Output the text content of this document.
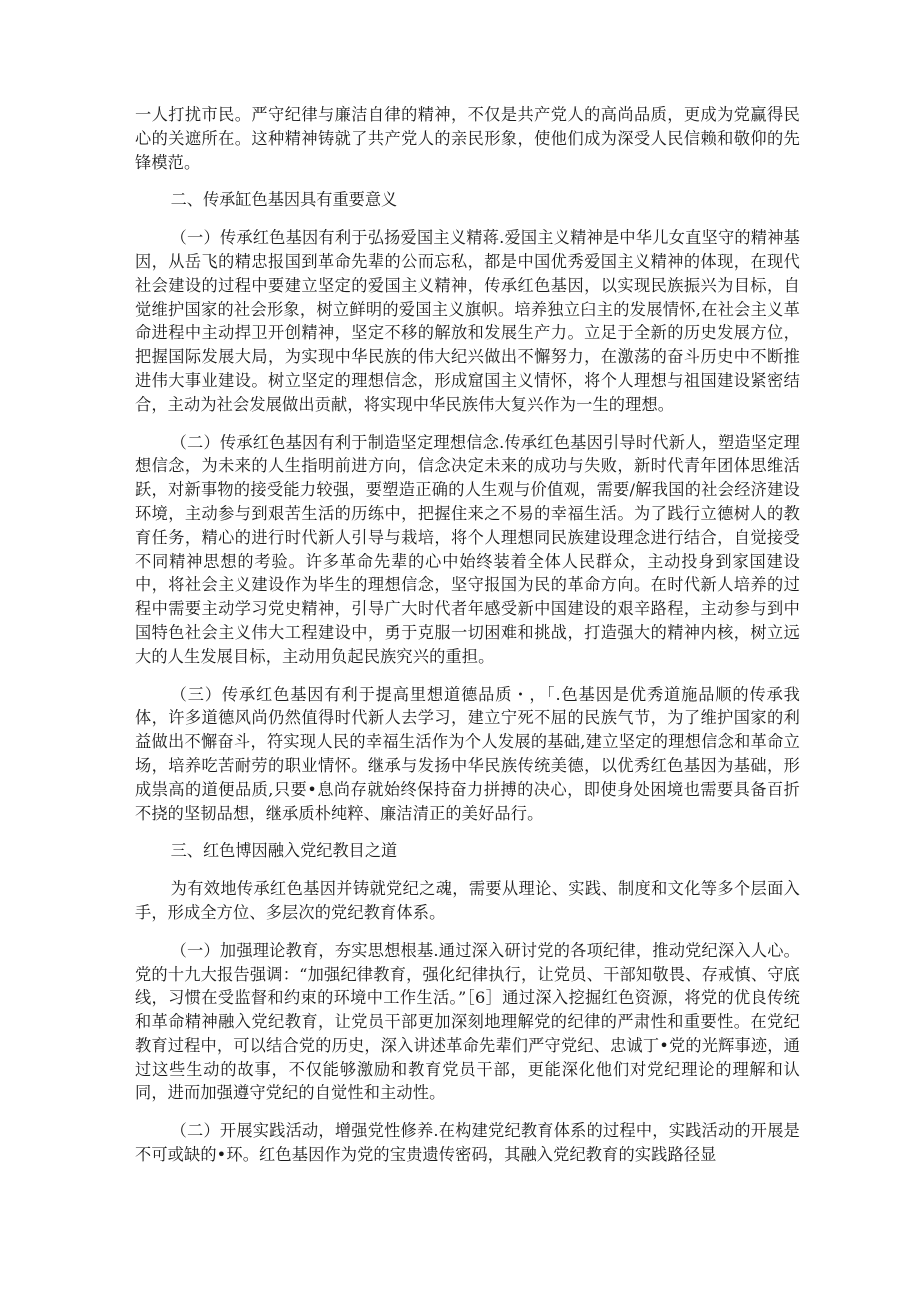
一人打扰市民。严守纪律与廉洁自律的精神，不仅是共产党人的高尚品质，更成为党赢得民心的关遮所在。这种精神铸就了共产党人的亲民形象，使他们成为深受人民信赖和敬仰的先锋模范。

二、传承缸色基因具有重要意义

（一）传承红色基因有利于弘扬爱国主义精蒋.爱国主义精神是中华儿女直坚守的精神基因，从岳飞的精忠报国到革命先辈的公而忘私，都是中国优秀爱国主义精神的体现，在现代社会建设的过程中要建立坚定的爱国主义精神，传承红色基因，以实现民族振兴为目标，自觉维护国家的社会形象，树立鲜明的爱国主义旗帜。培养独立臼主的发展情怀,在社会主义革命进程中主动捍卫开创精神，坚定不移的解放和发展生产力。立足于全新的历史发展方位，把握国际发展大局，为实现中华民族的伟大纪兴做出不懈努力，在激荡的奋斗历史中不断推进伟大事业建设。树立坚定的理想信念，形成窟国主义情怀，将个人理想与祖国建设紧密结合，主动为社会发展做出贡献，将实现中华民族伟大复兴作为一生的理想。

（二）传承红色基因有利于制造坚定理想信念.传承红色基因引导时代新人，塑造坚定理想信念，为未来的人生指明前进方向，信念决定未来的成功与失败，新时代青年团体思维活跃，对新事物的接受能力较强，要塑造正确的人生观与价值观，需要/解我国的社会经济建设环境，主动参与到艰苦生活的历练中，把握住来之不易的幸福生活。为了践行立德树人的教育任务，精心的进行时代新人引导与栽培，将个人理想同民族建设理念进行结合，自觉接受不同精神思想的考验。许多革命先辈的心中始终装着全体人民群众，主动投身到家国建设中，将社会主义建设作为毕生的理想信念，坚守报国为民的革命方向。在时代新人培养的过程中需要主动学习党史精神，引导广大时代者年感受新中国建设的艰辛路程，主动参与到中国特色社会主义伟大工程建设中，勇于克服一切困难和挑战，打造强大的精神内核，树立远大的人生发展目标，主动用负起民族究兴的重担。

（三）传承红色基因有利于提高里想道德品质・，「.色基因是优秀道施品顺的传承我体，许多道德风尚仍然值得时代新人去学习，建立宁死不屈的民族气节，为了维护国家的利益做出不懈奋斗，符实现人民的幸福生活作为个人发展的基础,建立坚定的理想信念和革命立场，培养吃苦耐劳的职业情怀。继承与发扬中华民族传统美德，以优秀红色基因为基础，形成祟高的道便品质,只要•息尚存就始终保持奋力拼搏的决心，即使身处困境也需要具备百折不挠的坚韧品想，继承质朴纯粹、廉洁清正的美好品行。

三、红色博因融入党纪教目之道

为有效地传承红色基因并铸就党纪之魂，需要从理论、实践、制度和文化等多个层面入手，形成全方位、多层次的党纪教育体系。

（一）加强理论教育，夯实思想根基.通过深入研讨党的各项纪律，推动党纪深入人心。党的十九大报告强调：“加强纪律教育，强化纪律执行，让党员、干部知敬畏、存戒慎、守底线，习惯在受监督和约束的环境中工作生活。”［6］通过深入挖掘红色资源，将党的优良传统和革命精神融入党纪教育，让党员干部更加深刻地理解党的纪律的严肃性和重要性。在党纪教育过程中，可以结合党的历史，深入讲述革命先辈们严守党纪、忠诚丁•党的光辉事迹，通过这些生动的故事，不仅能够激励和教育党员干部，更能深化他们对党纪理论的理解和认同，进而加强遵守党纪的自觉性和主动性。

（二）开展实践活动，增强党性修养.在构建党纪教育体系的过程中，实践活动的开展是不可或缺的•环。红色基因作为党的宝贵遗传密码，其融入党纪教育的实践路径显
